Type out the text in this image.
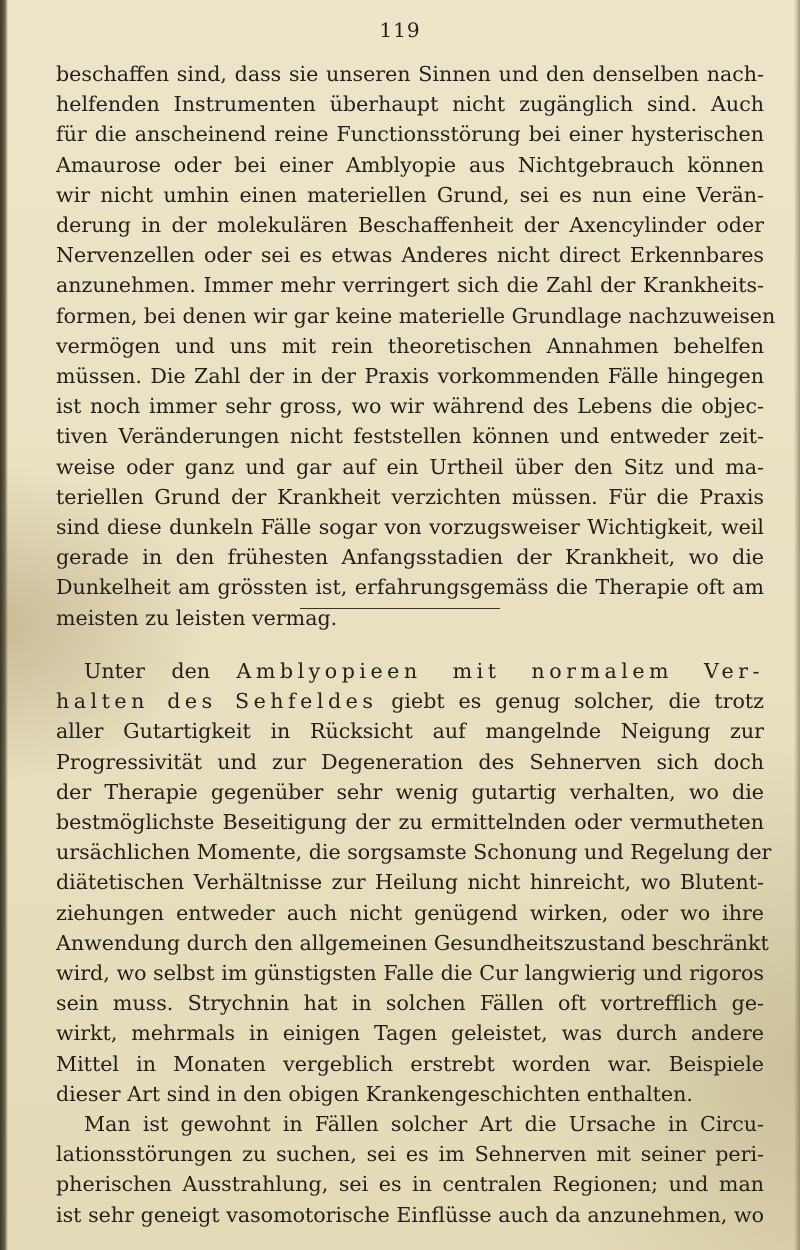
119
beschaffen sind, dass sie unseren Sinnen und den denselben nach-
helfenden Instrumenten überhaupt nicht zugänglich sind. Auch
für die anscheinend reine Functionsstörung bei einer hysterischen
Amaurose oder bei einer Amblyopie aus Nichtgebrauch können
wir nicht umhin einen materiellen Grund, sei es nun eine Verän-
derung in der molekulären Beschaffenheit der Axencylinder oder
Nervenzellen oder sei es etwas Anderes nicht direct Erkennbares
anzunehmen. Immer mehr verringert sich die Zahl der Krankheits-
formen, bei denen wir gar keine materielle Grundlage nachzuweisen
vermögen und uns mit rein theoretischen Annahmen behelfen
müssen. Die Zahl der in der Praxis vorkommenden Fälle hingegen
ist noch immer sehr gross, wo wir während des Lebens die objec-
tiven Veränderungen nicht feststellen können und entweder zeit-
weise oder ganz und gar auf ein Urtheil über den Sitz und ma-
teriellen Grund der Krankheit verzichten müssen. Für die Praxis
sind diese dunkeln Fälle sogar von vorzugsweiser Wichtigkeit, weil
gerade in den frühesten Anfangsstadien der Krankheit, wo die
Dunkelheit am grössten ist, erfahrungsgemäss die Therapie oft am
meisten zu leisten vermag.
Unter den Amblyopieen mit normalem Ver-
halten des Sehfeldes giebt es genug solcher, die trotz
aller Gutartigkeit in Rücksicht auf mangelnde Neigung zur
Progressivität und zur Degeneration des Sehnerven sich doch
der Therapie gegenüber sehr wenig gutartig verhalten, wo die
bestmöglichste Beseitigung der zu ermittelnden oder vermutheten
ursächlichen Momente, die sorgsamste Schonung und Regelung der
diätetischen Verhältnisse zur Heilung nicht hinreicht, wo Blutent-
ziehungen entweder auch nicht genügend wirken, oder wo ihre
Anwendung durch den allgemeinen Gesundheitszustand beschränkt
wird, wo selbst im günstigsten Falle die Cur langwierig und rigoros
sein muss. Strychnin hat in solchen Fällen oft vortrefflich ge-
wirkt, mehrmals in einigen Tagen geleistet, was durch andere
Mittel in Monaten vergeblich erstrebt worden war. Beispiele
dieser Art sind in den obigen Krankengeschichten enthalten.
Man ist gewohnt in Fällen solcher Art die Ursache in Circu-
lationsstörungen zu suchen, sei es im Sehnerven mit seiner peri-
pherischen Ausstrahlung, sei es in centralen Regionen; und man
ist sehr geneigt vasomotorische Einflüsse auch da anzunehmen, wo
